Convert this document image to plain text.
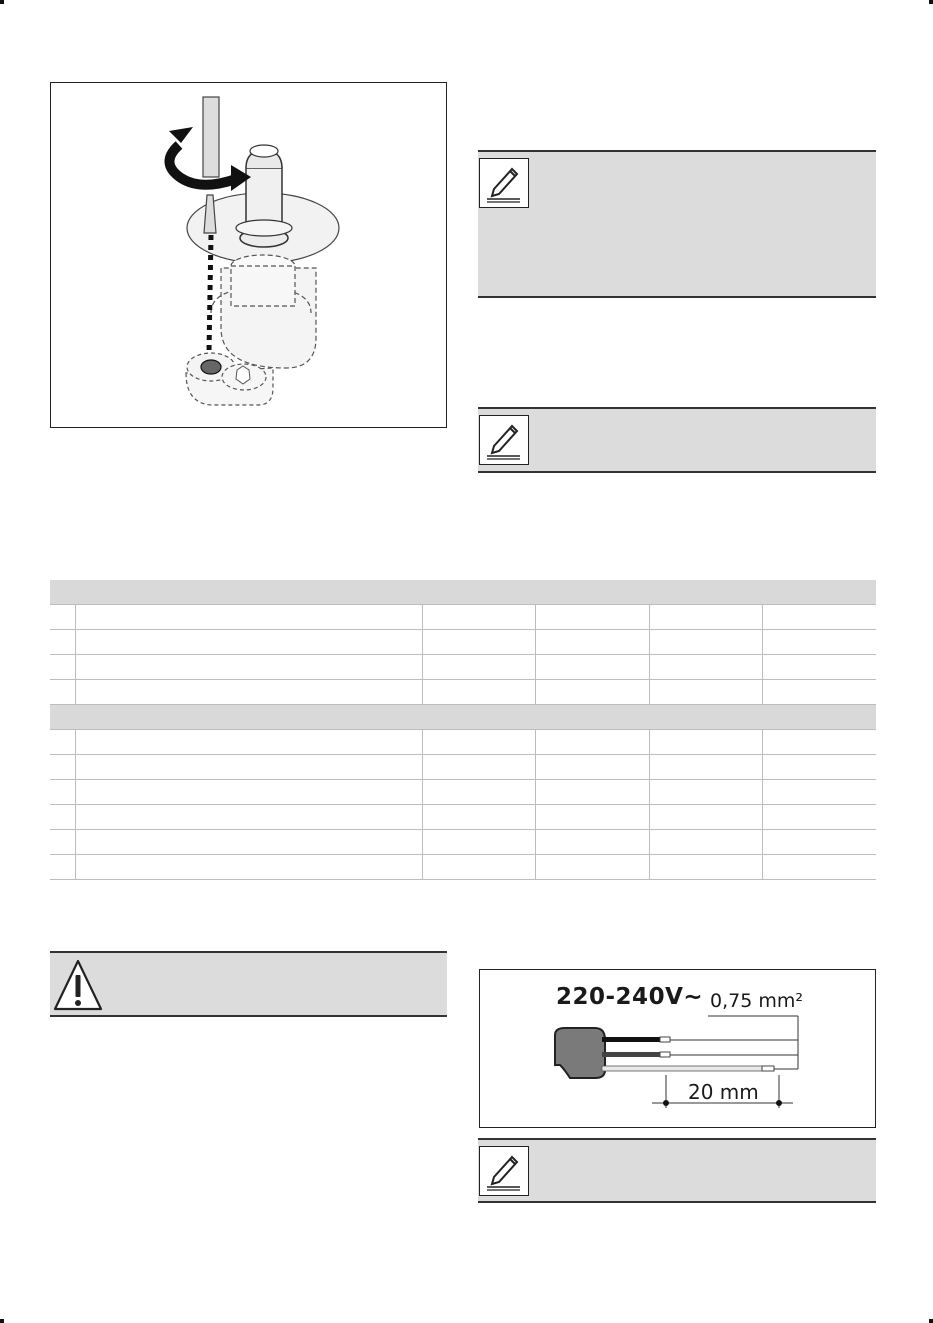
220-240V~ 0,75 mm²
20 mm
